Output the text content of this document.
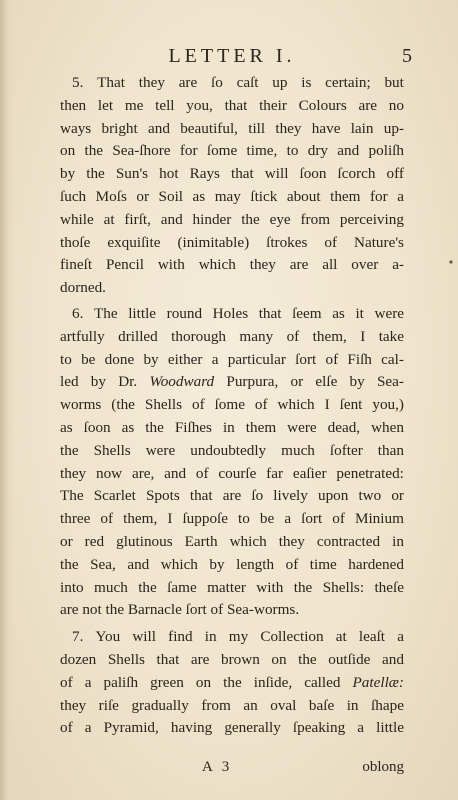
LETTER I.	5
5. That they are ſo caſt up is certain; but
then let me tell you, that their Colours are no
ways bright and beautiful, till they have lain up-
on the Sea-ſhore for ſome time, to dry and poliſh
by the Sun's hot Rays that will ſoon ſcorch off
ſuch Moſs or Soil as may ſtick about them for a
while at firſt, and hinder the eye from perceiving
thoſe exquiſite (inimitable) ſtrokes of Nature's
fineſt Pencil with which they are all over a-
dorned.
6. The little round Holes that ſeem as it were
artfully drilled thorough many of them, I take
to be done by either a particular ſort of Fiſh cal-
led by Dr. Woodward Purpura, or elſe by Sea-
worms (the Shells of ſome of which I ſent you,)
as ſoon as the Fiſhes in them were dead, when
the Shells were undoubtedly much ſofter than
they now are, and of courſe far eaſier penetrated:
The Scarlet Spots that are ſo lively upon two or
three of them, I ſuppoſe to be a ſort of Minium
or red glutinous Earth which they contracted in
the Sea, and which by length of time hardened
into much the ſame matter with the Shells: theſe
are not the Barnacle ſort of Sea-worms.
7. You will find in my Collection at leaſt a
dozen Shells that are brown on the outſide and
of a paliſh green on the inſide, called Patellæ:
they riſe gradually from an oval baſe in ſhape
of a Pyramid, having generally ſpeaking a little
A 3	oblong
